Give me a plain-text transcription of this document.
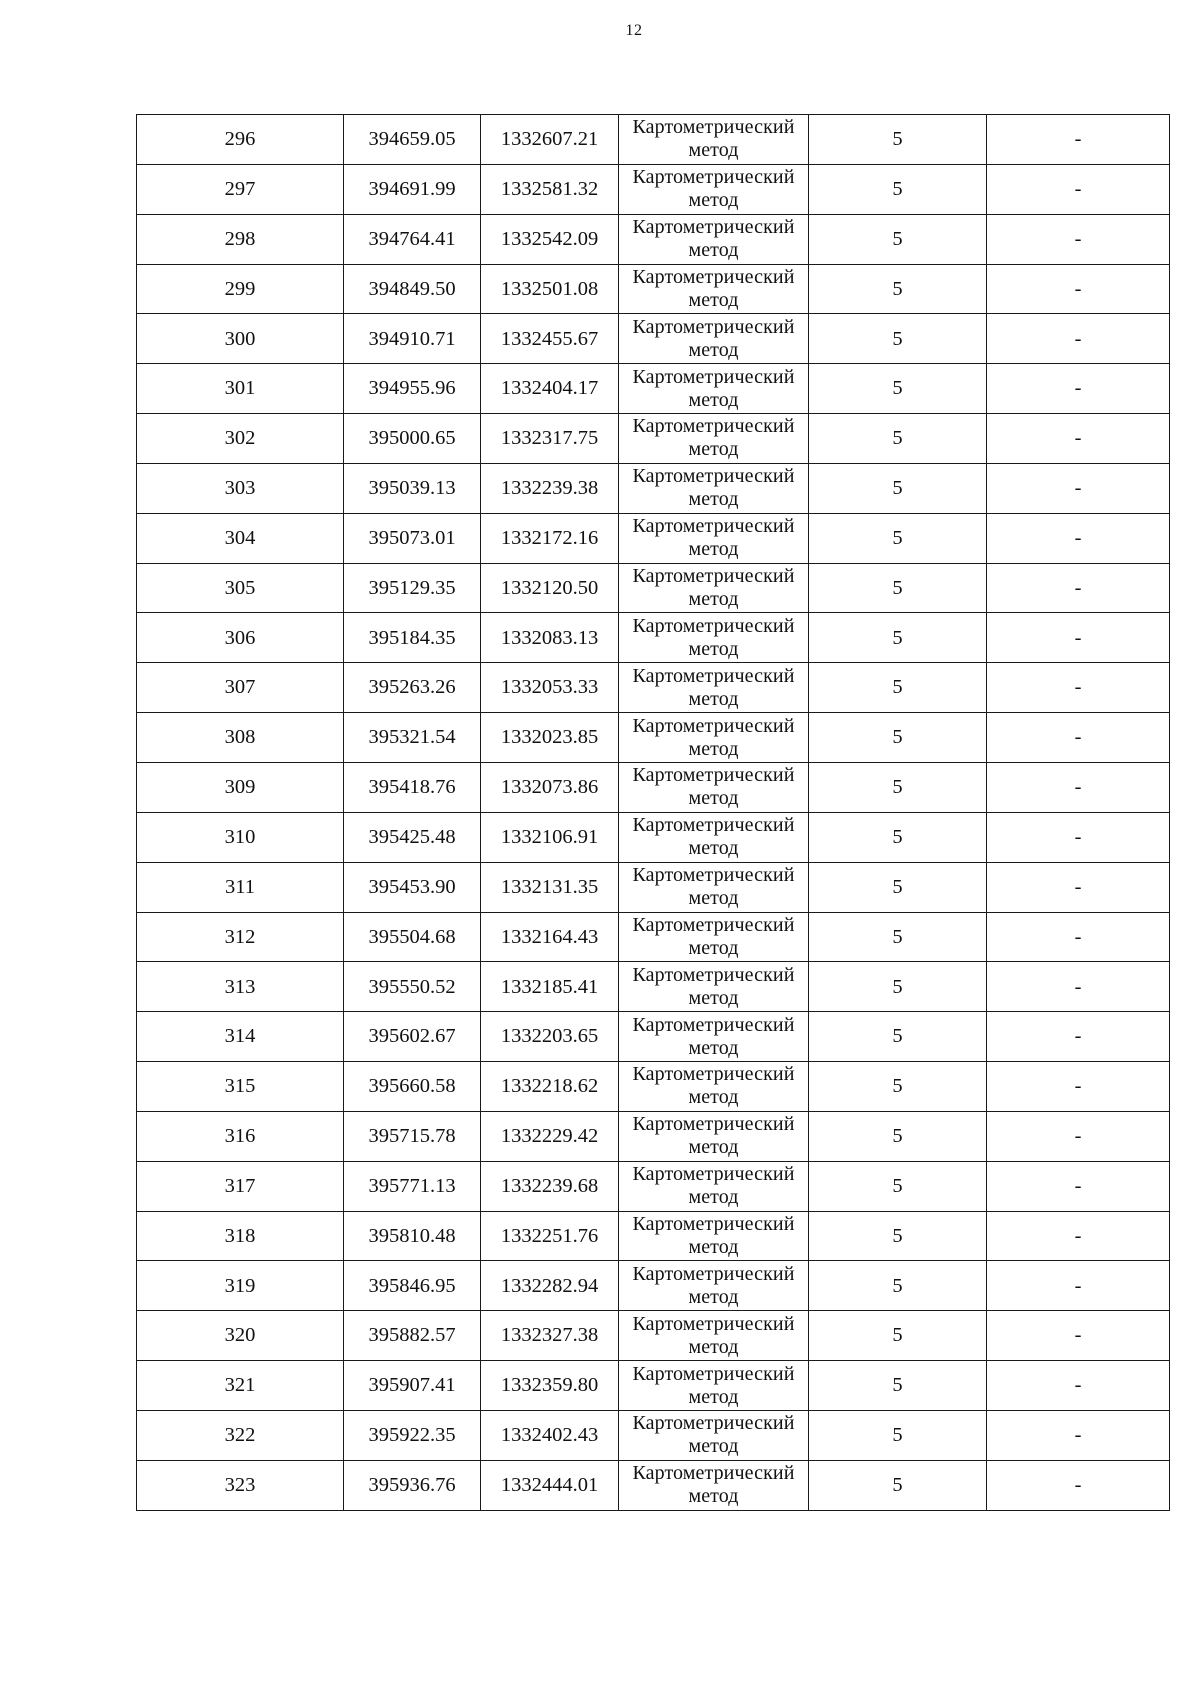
12
296	394659.05	1332607.21	Картометрический метод	5	-
297	394691.99	1332581.32	Картометрический метод	5	-
298	394764.41	1332542.09	Картометрический метод	5	-
299	394849.50	1332501.08	Картометрический метод	5	-
300	394910.71	1332455.67	Картометрический метод	5	-
301	394955.96	1332404.17	Картометрический метод	5	-
302	395000.65	1332317.75	Картометрический метод	5	-
303	395039.13	1332239.38	Картометрический метод	5	-
304	395073.01	1332172.16	Картометрический метод	5	-
305	395129.35	1332120.50	Картометрический метод	5	-
306	395184.35	1332083.13	Картометрический метод	5	-
307	395263.26	1332053.33	Картометрический метод	5	-
308	395321.54	1332023.85	Картометрический метод	5	-
309	395418.76	1332073.86	Картометрический метод	5	-
310	395425.48	1332106.91	Картометрический метод	5	-
311	395453.90	1332131.35	Картометрический метод	5	-
312	395504.68	1332164.43	Картометрический метод	5	-
313	395550.52	1332185.41	Картометрический метод	5	-
314	395602.67	1332203.65	Картометрический метод	5	-
315	395660.58	1332218.62	Картометрический метод	5	-
316	395715.78	1332229.42	Картометрический метод	5	-
317	395771.13	1332239.68	Картометрический метод	5	-
318	395810.48	1332251.76	Картометрический метод	5	-
319	395846.95	1332282.94	Картометрический метод	5	-
320	395882.57	1332327.38	Картометрический метод	5	-
321	395907.41	1332359.80	Картометрический метод	5	-
322	395922.35	1332402.43	Картометрический метод	5	-
323	395936.76	1332444.01	Картометрический метод	5	-
